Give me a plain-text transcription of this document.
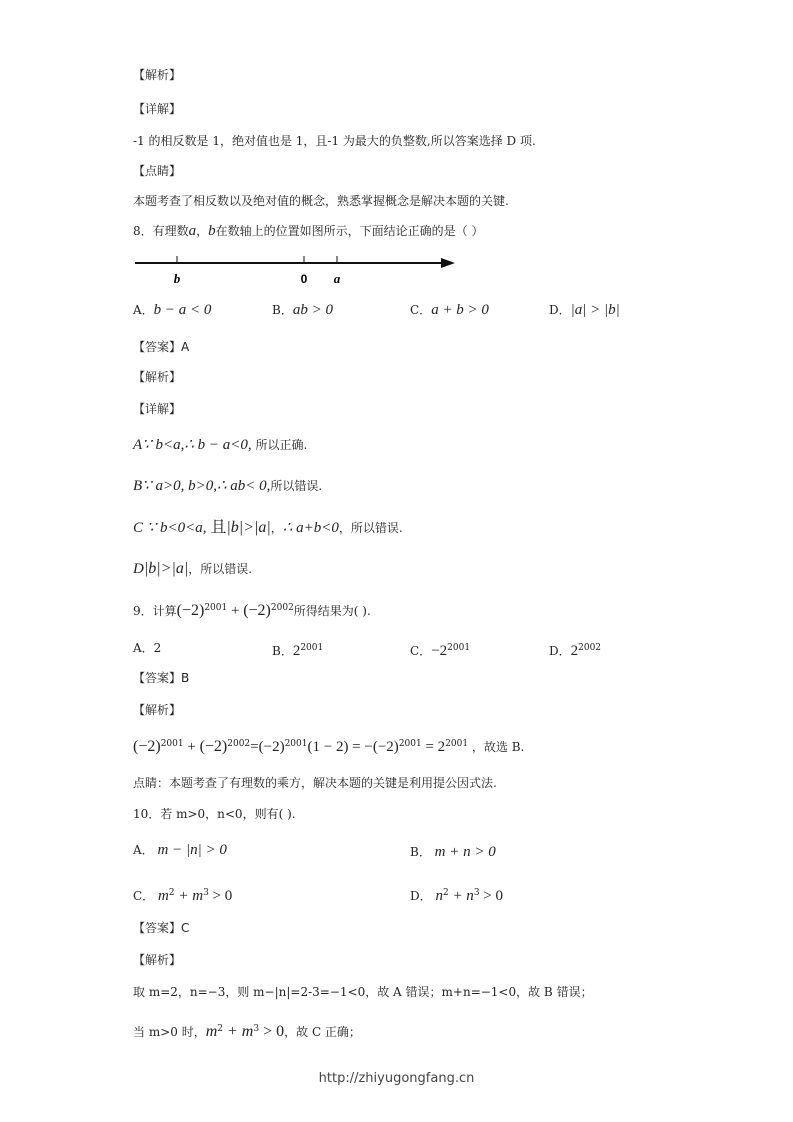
【解析】
【详解】
-1 的相反数是 1，绝对值也是 1，且-1 为最大的负整数,所以答案选择 D 项.
【点睛】
本题考查了相反数以及绝对值的概念，熟悉掌握概念是解决本题的关键.
8．有理数a，b在数轴上的位置如图所示，下面结论正确的是（ ）
b	0 a
A．b − a < 0	B．ab > 0	C．a + b > 0	D．|a| > |b|
【答案】A
【解析】
【详解】
A∵ b<a,∴ b − a<0, 所以正确.
B∵ a>0, b>0,∴ ab< 0,所以错误.
C ∵ b<0<a, 且|b|>|a|，∴ a+b<0，所以错误.
D|b|>|a|，所以错误.
9．计算$(-2)^{2001} + (-2)^{2002}$所得结果为( ).
A．2	B．$2^{2001}$	C．$-2^{2001}$	D．$2^{2002}$
【答案】B
【解析】
$(-2)^{2001} + (-2)^{2002}=(-2)^{2001}(1 - 2) = -(-2)^{2001} = 2^{2001}$ ，故选 B.
点睛：本题考查了有理数的乘方，解决本题的关键是利用提公因式法.
10．若 m>0，n<0，则有( ).
A． m − |n| > 0	B． m + n > 0
C． $m^2 + m^3 > 0$	D． $n^2 + n^3 > 0$
【答案】C
【解析】
取 m=2，n=−3，则 m−|n|=2-3=−1<0，故 A 错误；m+n=−1<0，故 B 错误；
当 m>0 时，$m^2 + m^3 > 0$，故 C 正确；
http://zhiyugongfang.cn
